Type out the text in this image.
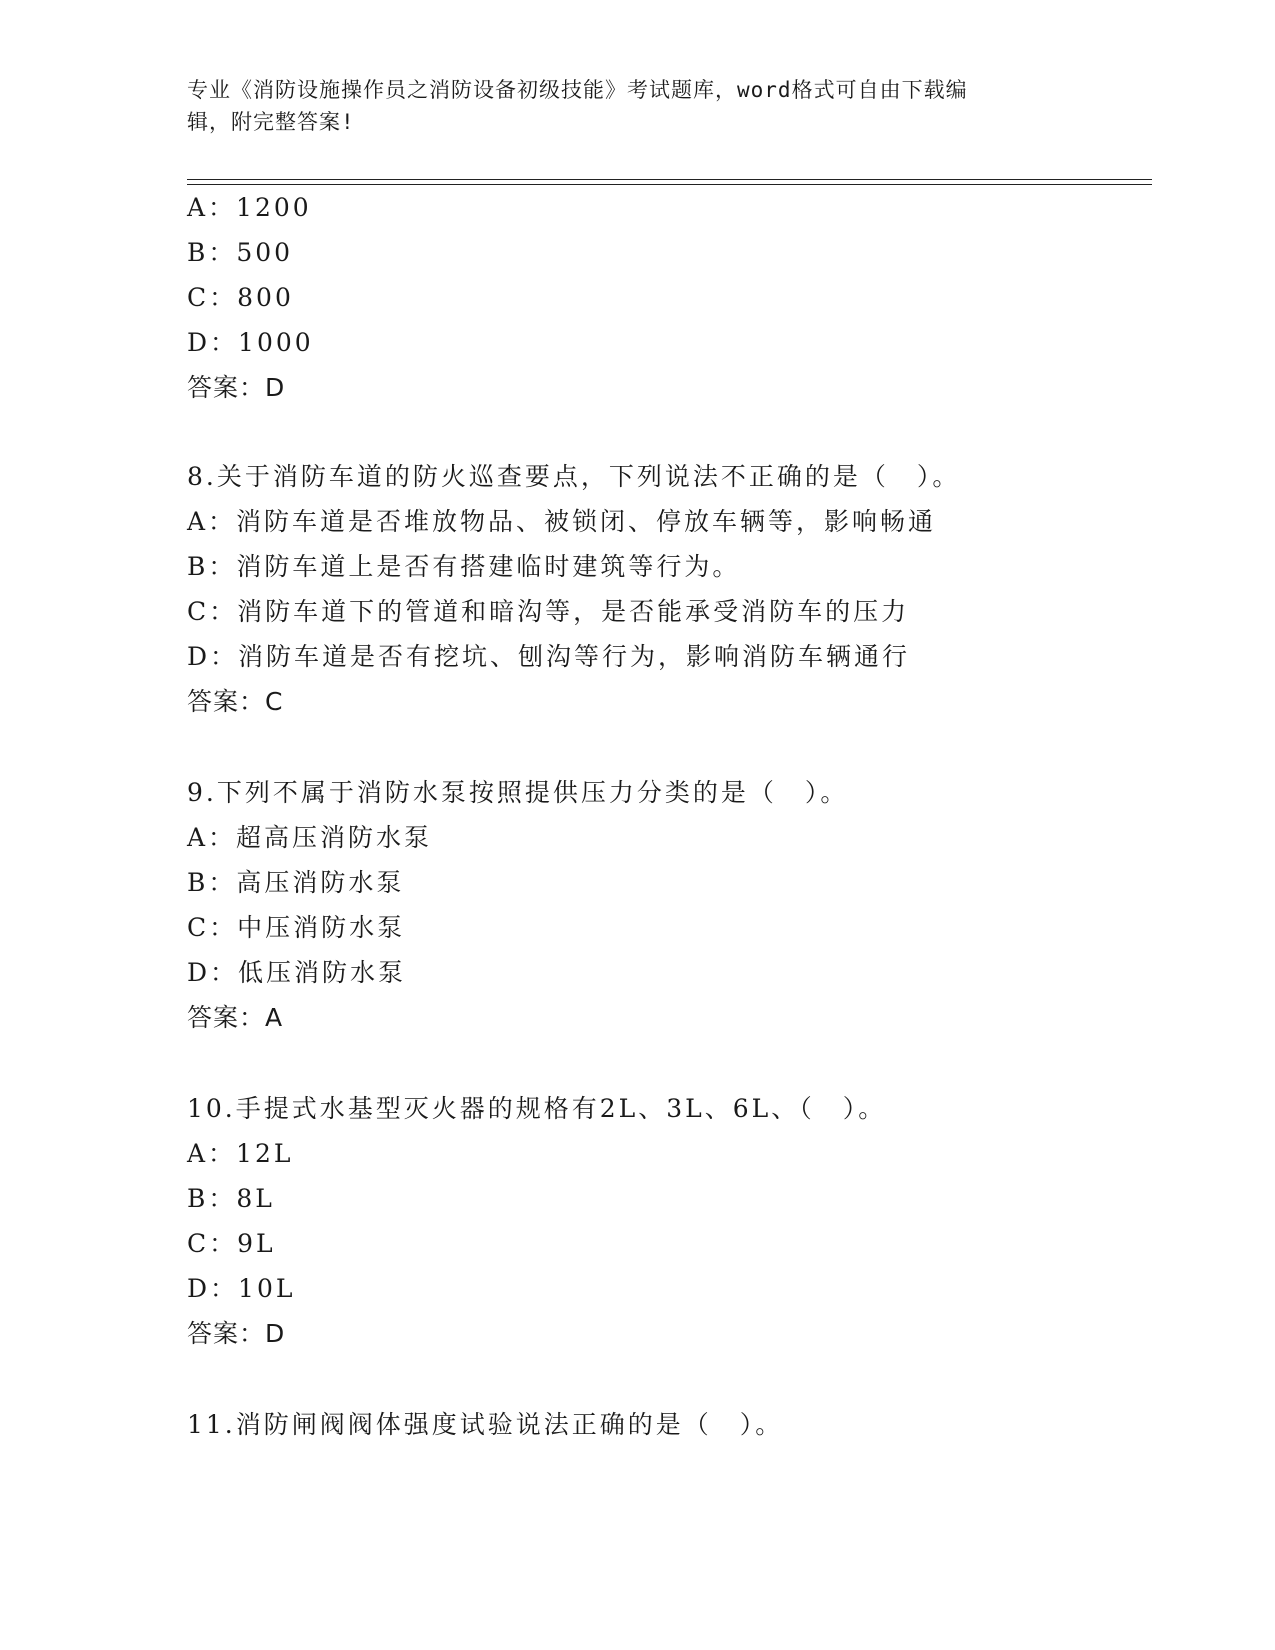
专业《消防设施操作员之消防设备初级技能》考试题库，word格式可自由下载编
辑，附完整答案!
A：1200
B：500
C：800
D：1000
答案：D
8.关于消防车道的防火巡查要点，下列说法不正确的是（　）。
A：消防车道是否堆放物品、被锁闭、停放车辆等，影响畅通
B：消防车道上是否有搭建临时建筑等行为。
C：消防车道下的管道和暗沟等，是否能承受消防车的压力
D：消防车道是否有挖坑、刨沟等行为，影响消防车辆通行
答案：C
9.下列不属于消防水泵按照提供压力分类的是（　）。
A：超高压消防水泵
B：高压消防水泵
C：中压消防水泵
D：低压消防水泵
答案：A
10.手提式水基型灭火器的规格有2L、3L、6L、（　）。
A：12L
B：8L
C：9L
D：10L
答案：D
11.消防闸阀阀体强度试验说法正确的是（　）。
